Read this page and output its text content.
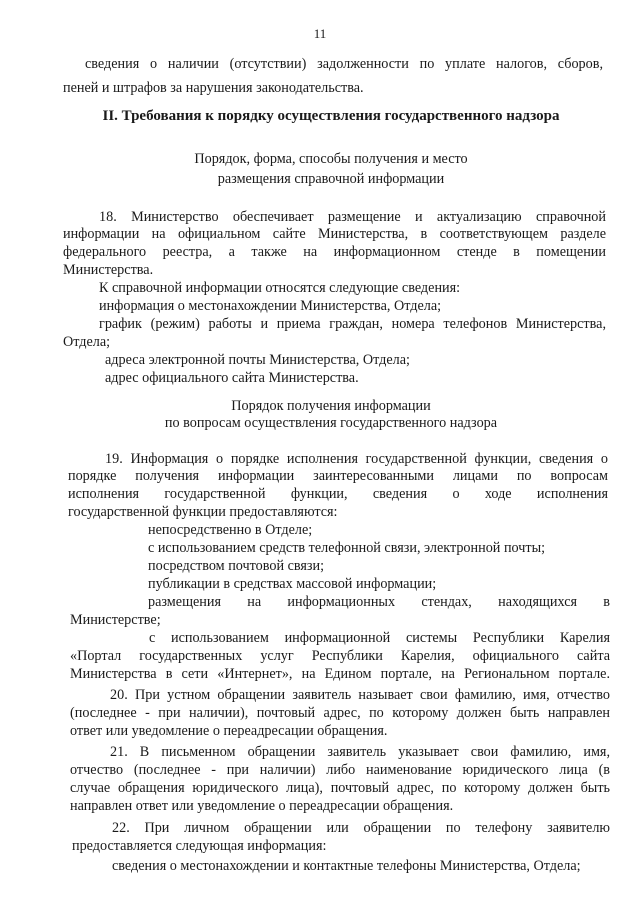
11
сведения о наличии (отсутствии) задолженности по уплате налогов, сборов,
пеней и штрафов за нарушения законодательства.
II. Требования к порядку осуществления государственного надзора
Порядок, форма, способы получения и место
размещения справочной информации
18. Министерство обеспечивает размещение и актуализацию справочной
информации на официальном сайте Министерства, в соответствующем разделе
федерального реестра, а также на информационном стенде в помещении
Министерства.
К справочной информации относятся следующие сведения:
информация о местонахождении Министерства, Отдела;
график (режим) работы и приема граждан, номера телефонов Министерства,
Отдела;
адреса электронной почты Министерства, Отдела;
адрес официального сайта Министерства.
Порядок получения информации
по вопросам осуществления государственного надзора
19. Информация о порядке исполнения государственной функции, сведения о
порядке получения информации заинтересованными лицами по вопросам
исполнения государственной функции, сведения о ходе исполнения
государственной функции предоставляются:
непосредственно в Отделе;
с использованием средств телефонной связи, электронной почты;
посредством почтовой связи;
публикации в средствах массовой информации;
размещения на информационных стендах, находящихся в
Министерстве;
с использованием информационной системы Республики Карелия
«Портал государственных услуг Республики Карелия, официального сайта
Министерства в сети «Интернет», на Едином портале, на Региональном портале.
20. При устном обращении заявитель называет свои фамилию, имя, отчество
(последнее - при наличии), почтовый адрес, по которому должен быть направлен
ответ или уведомление о переадресации обращения.
21. В письменном обращении заявитель указывает свои фамилию, имя,
отчество (последнее - при наличии) либо наименование юридического лица (в
случае обращения юридического лица), почтовый адрес, по которому должен быть
направлен ответ или уведомление о переадресации обращения.
22. При личном обращении или обращении по телефону заявителю
предоставляется следующая информация:
сведения о местонахождении и контактные телефоны Министерства, Отдела;
